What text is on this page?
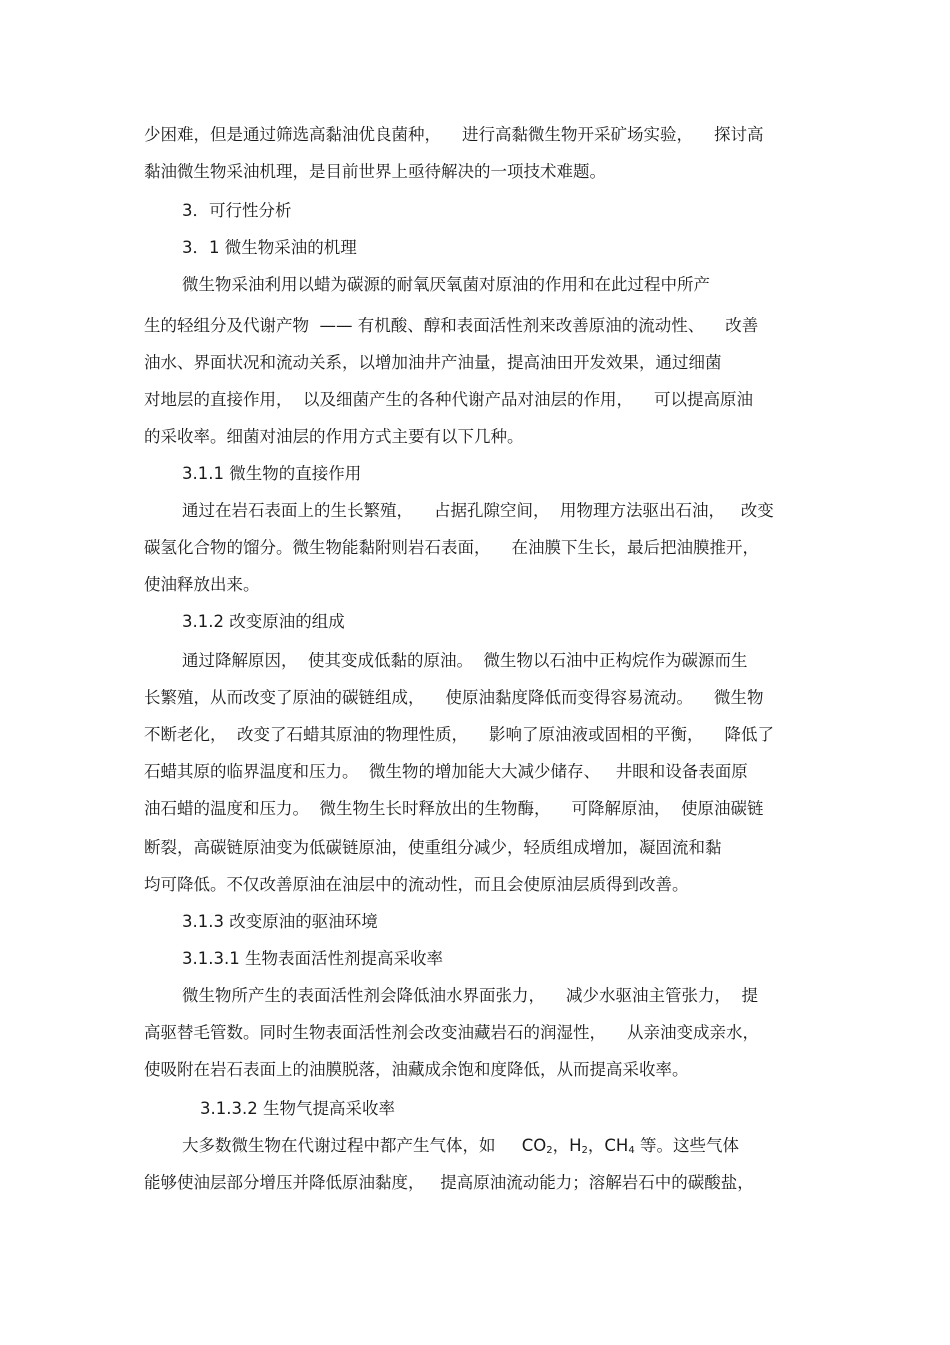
少困难，但是通过筛选高黏油优良菌种，    进行高黏微生物开采矿场实验，    探讨高
黏油微生物采油机理，是目前世界上亟待解决的一项技术难题。
3．可行性分析
3．1 微生物采油的机理
微生物采油利用以蜡为碳源的耐氧厌氧菌对原油的作用和在此过程中所产
生的轻组分及代谢产物  —— 有机酸、醇和表面活性剂来改善原油的流动性、    改善
油水、界面状况和流动关系，以增加油井产油量，提高油田开发效果，通过细菌
对地层的直接作用，  以及细菌产生的各种代谢产品对油层的作用，    可以提高原油
的采收率。细菌对油层的作用方式主要有以下几种。
3.1.1 微生物的直接作用
通过在岩石表面上的生长繁殖，    占据孔隙空间，  用物理方法驱出石油，   改变
碳氢化合物的馏分。微生物能黏附则岩石表面，    在油膜下生长，最后把油膜推开，
使油释放出来。
3.1.2 改变原油的组成
通过降解原因，  使其变成低黏的原油。  微生物以石油中正构烷作为碳源而生
长繁殖，从而改变了原油的碳链组成，    使原油黏度降低而变得容易流动。    微生物
不断老化，  改变了石蜡其原油的物理性质，    影响了原油液或固相的平衡，    降低了
石蜡其原的临界温度和压力。  微生物的增加能大大减少储存、   井眼和设备表面原
油石蜡的温度和压力。  微生物生长时释放出的生物酶，    可降解原油，  使原油碳链
断裂，高碳链原油变为低碳链原油，使重组分减少，轻质组成增加，凝固流和黏
均可降低。不仅改善原油在油层中的流动性，而且会使原油层质得到改善。
3.1.3 改变原油的驱油环境
3.1.3.1 生物表面活性剂提高采收率
微生物所产生的表面活性剂会降低油水界面张力，    减少水驱油主管张力，  提
高驱替毛管数。同时生物表面活性剂会改变油藏岩石的润湿性，    从亲油变成亲水，
使吸附在岩石表面上的油膜脱落，油藏成余饱和度降低，从而提高采收率。
3.1.3.2 生物气提高采收率
大多数微生物在代谢过程中都产生气体，如     $CO_2$，$H_2$，$CH_4$ 等。这些气体
能够使油层部分增压并降低原油黏度，   提高原油流动能力；溶解岩石中的碳酸盐，
